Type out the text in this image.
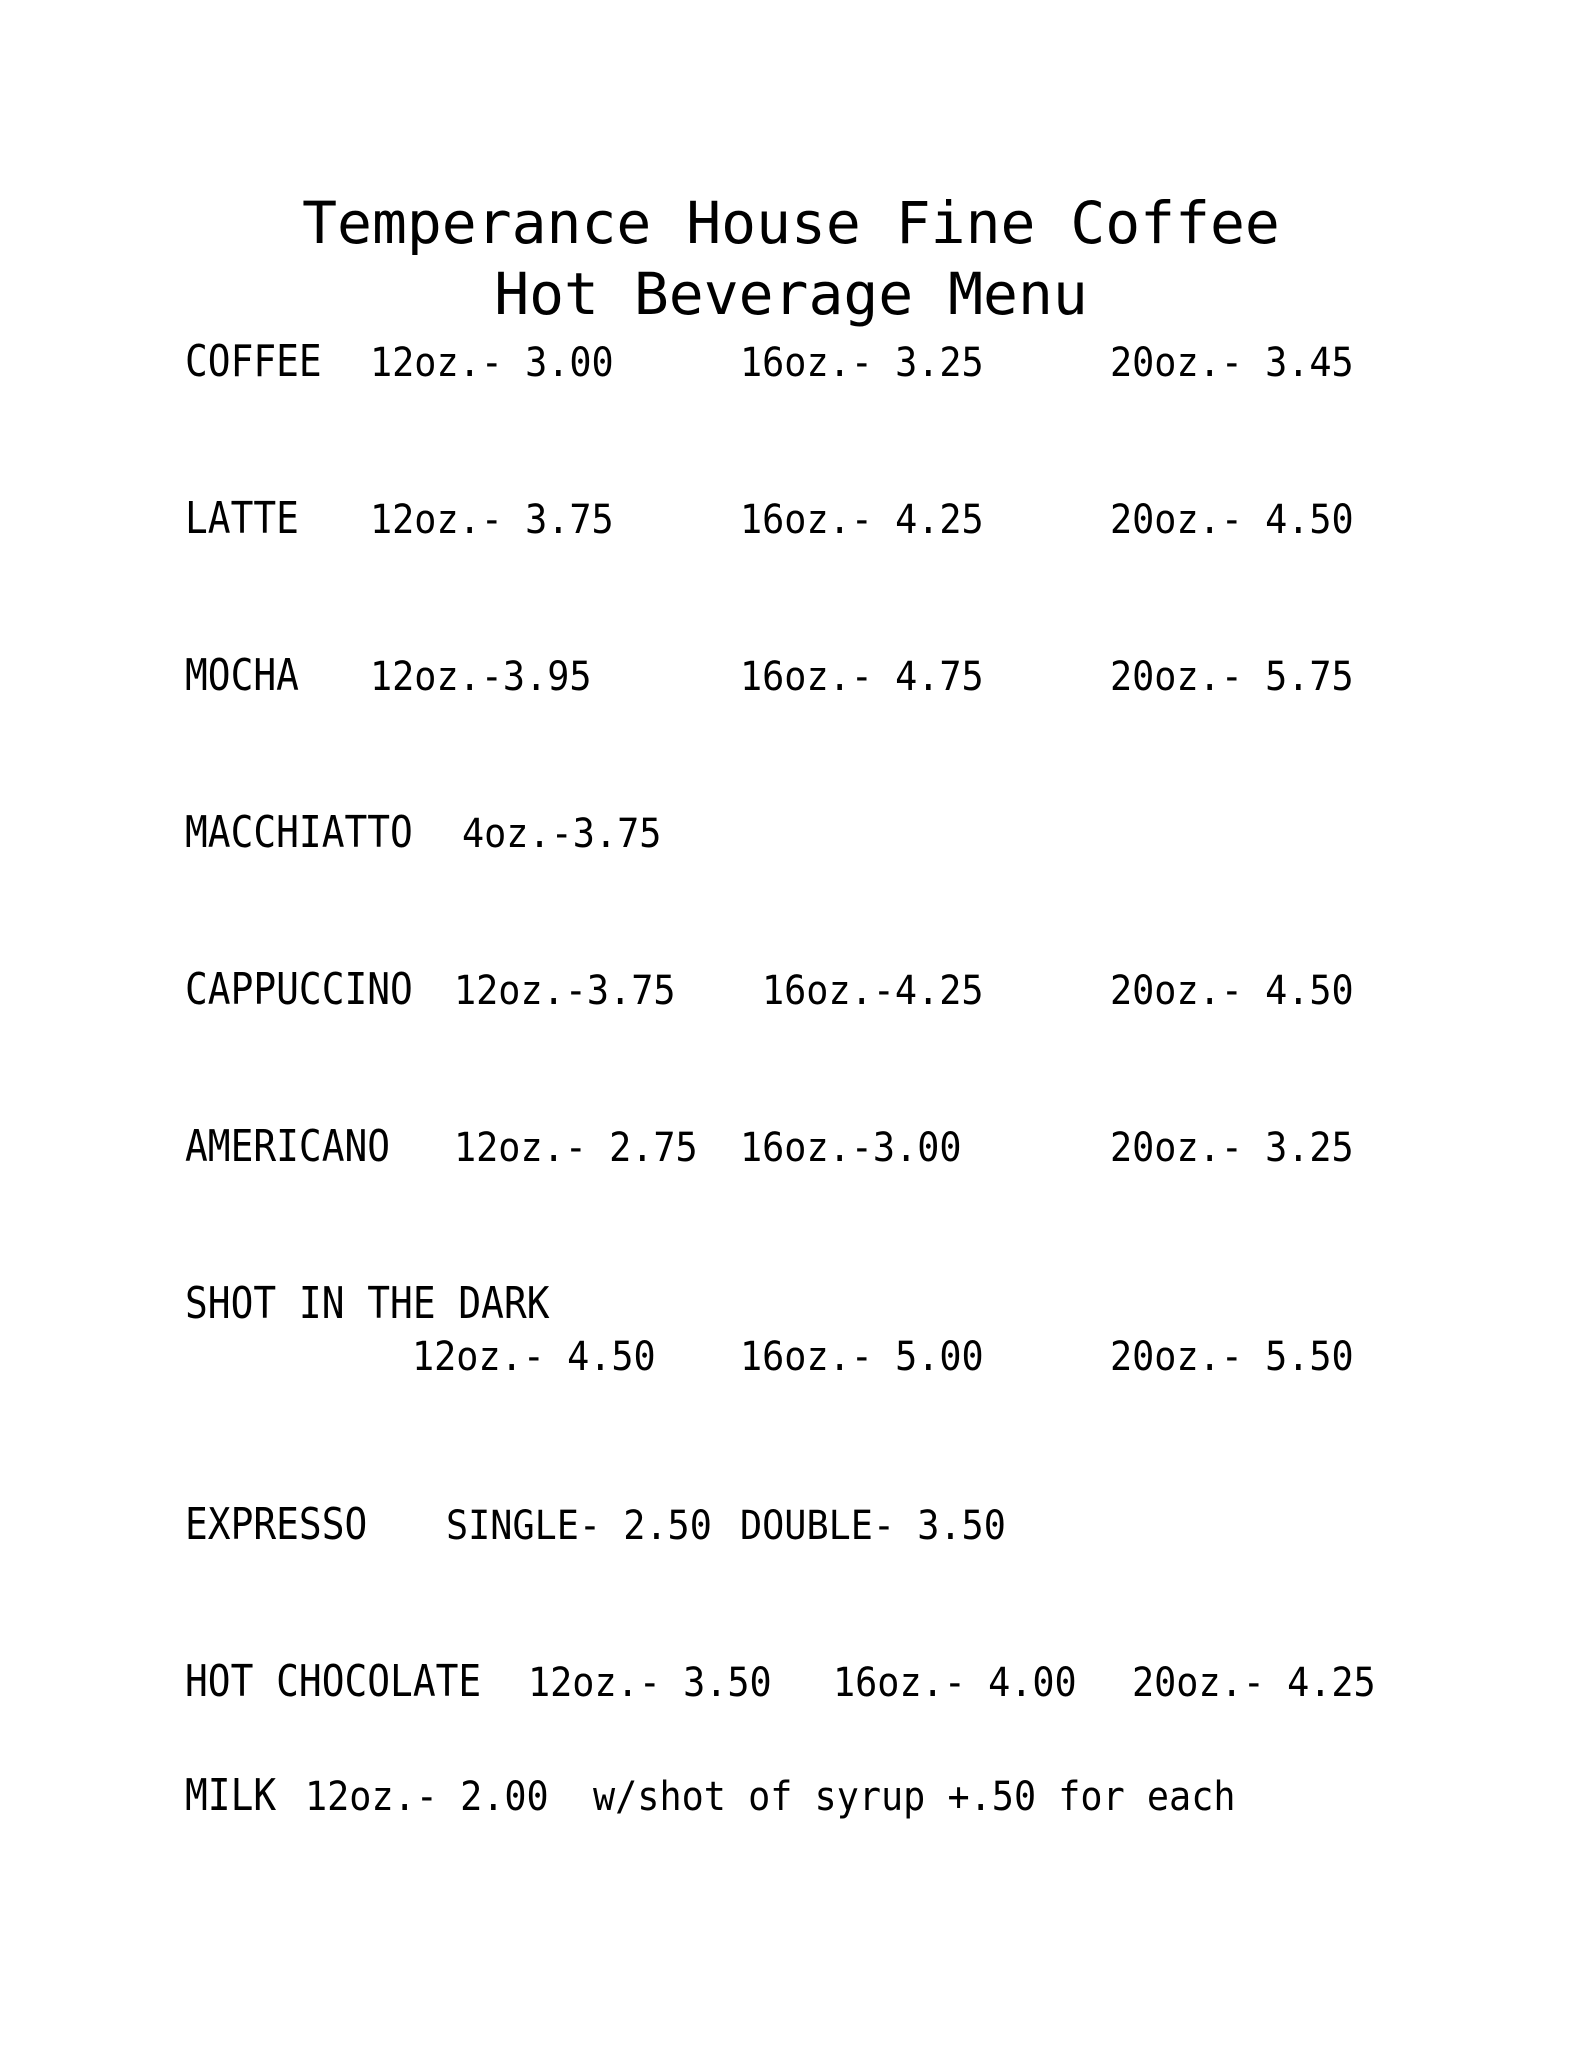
Temperance House Fine Coffee
Hot Beverage Menu
COFFEE 12oz.- 3.00	16oz.- 3.25	20oz.- 3.45
LATTE 12oz.- 3.75	16oz.- 4.25	20oz.- 4.50
MOCHA 12oz.-3.95	16oz.- 4.75	20oz.- 5.75
MACCHIATTO 4oz.-3.75
CAPPUCCINO 12oz.-3.75 16oz.-4.25	20oz.- 4.50
AMERICANO 12oz.- 2.75 16oz.-3.00	20oz.- 3.25
SHOT IN THE DARK
12oz.- 4.50 16oz.- 5.00	20oz.- 5.50
EXPRESSO SINGLE- 2.50 DOUBLE- 3.50
HOT CHOCOLATE 12oz.- 3.50 16oz.- 4.00 20oz.- 4.25
MILK 12oz.- 2.00 w/shot of syrup +.50 for each
